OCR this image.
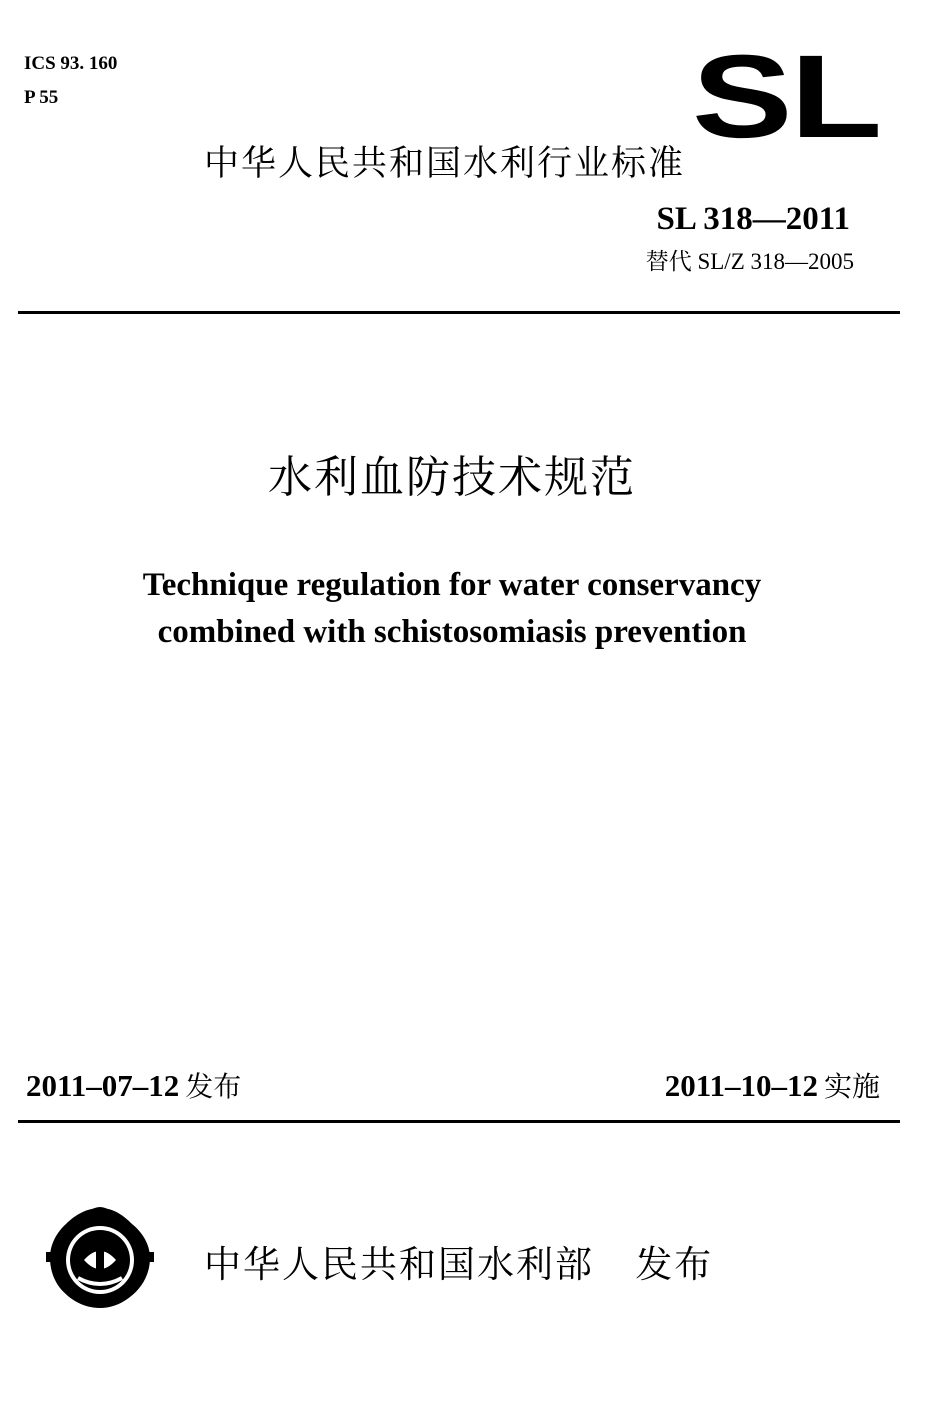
ICS 93. 160
P 55	SL
中华人民共和国水利行业标准
SL 318—2011
替代 SL/Z 318—2005
水利血防技术规范
Technique regulation for water conservancy
combined with schistosomiasis prevention
2011–07–12 发布	2011–10–12 实施
中华人民共和国水利部 发布
